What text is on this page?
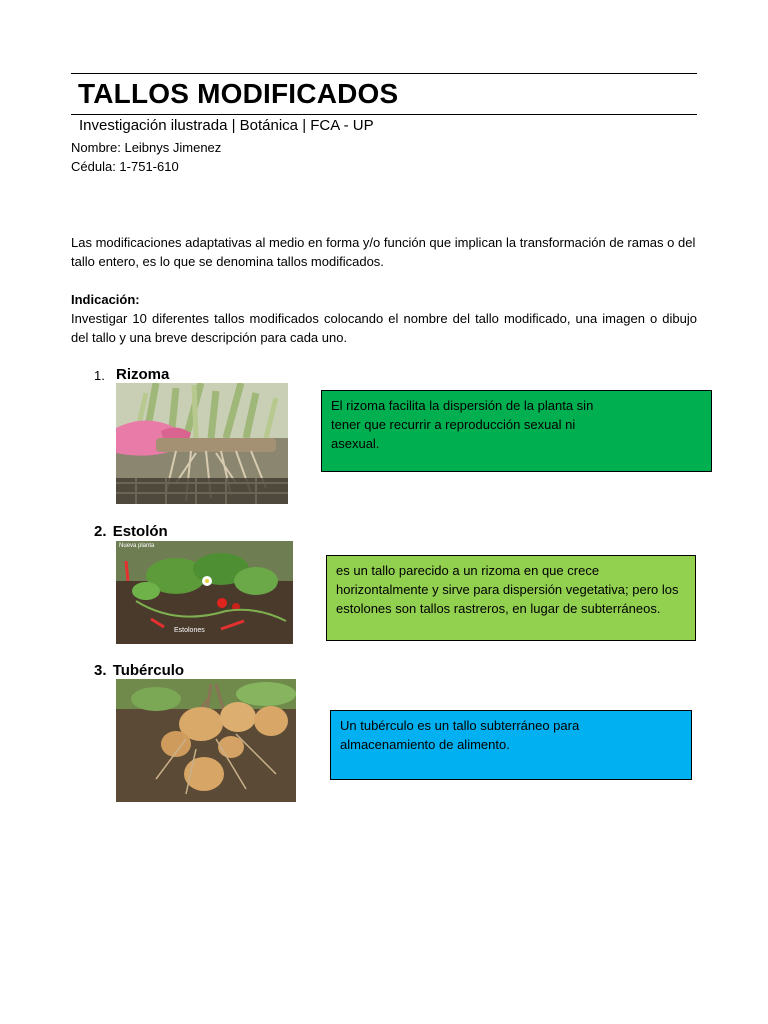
TALLOS MODIFICADOS
Investigación ilustrada | Botánica | FCA - UP
Nombre: Leibnys Jimenez
Cédula: 1-751-610
Las modificaciones adaptativas al medio en forma y/o función que implican la transformación de ramas o del tallo entero, es lo que se denomina tallos modificados.
Indicación:
Investigar 10 diferentes tallos modificados colocando el nombre del tallo modificado, una imagen o dibujo del tallo y una breve descripción para cada uno.
1. Rizoma
El rizoma facilita la dispersión de la planta sin tener que recurrir a reproducción sexual ni asexual.
2. Estolón
Nueva planta
Estolones
es un tallo parecido a un rizoma en que crece horizontalmente y sirve para dispersión vegetativa; pero los estolones son tallos rastreros, en lugar de subterráneos.
3. Tubérculo
Un tubérculo es un tallo subterráneo para almacenamiento de alimento.
